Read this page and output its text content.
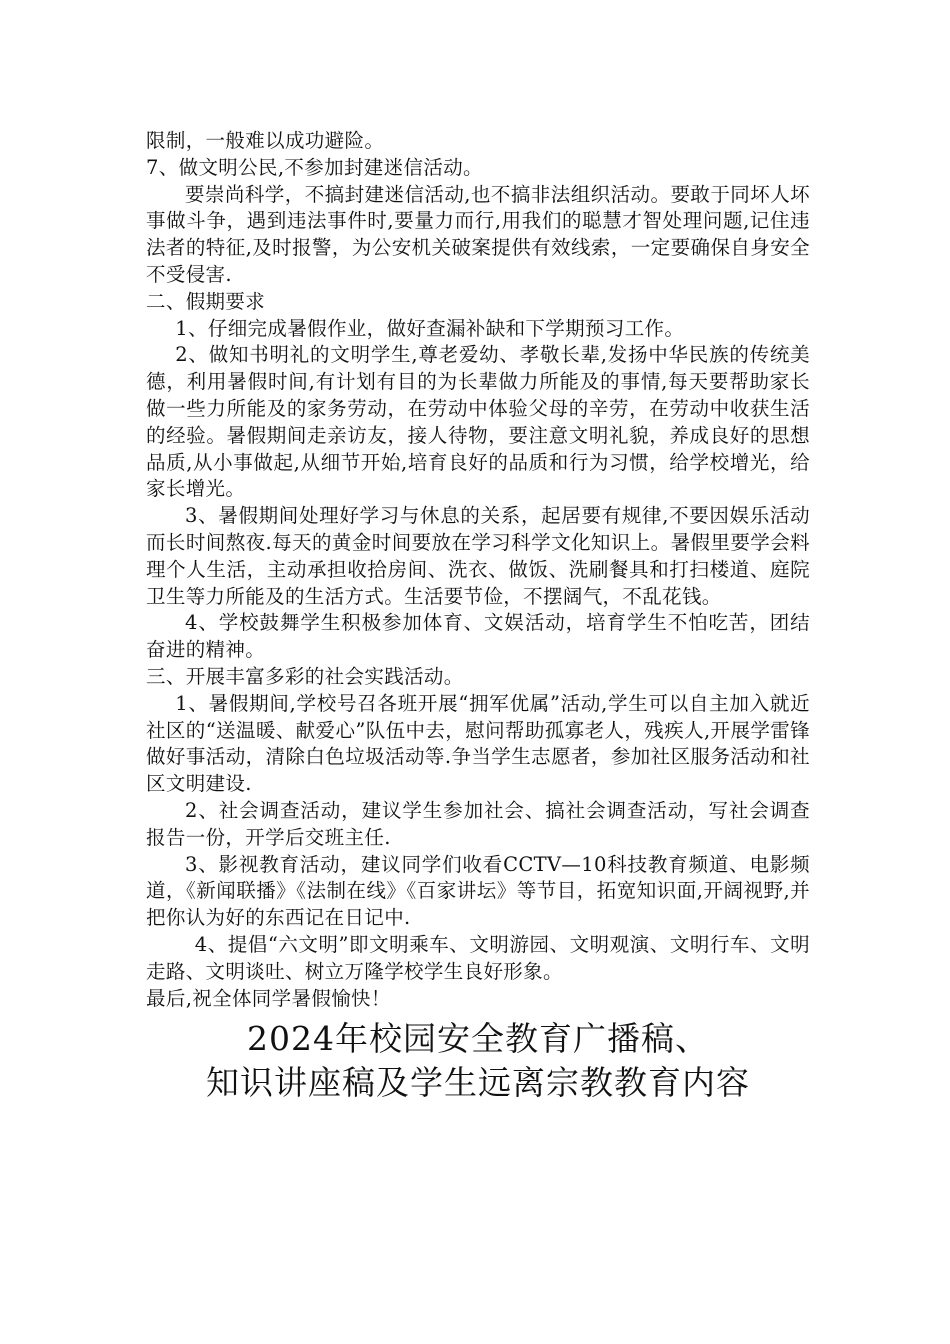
限制，一般难以成功避险。

7、做文明公民,不参加封建迷信活动。

要崇尚科学，不搞封建迷信活动,也不搞非法组织活动。要敢于同坏人坏事做斗争，遇到违法事件时,要量力而行,用我们的聪慧才智处理问题,记住违法者的特征,及时报警，为公安机关破案提供有效线索，一定要确保自身安全不受侵害.

二、假期要求

1、仔细完成暑假作业，做好查漏补缺和下学期预习工作。

2、做知书明礼的文明学生,尊老爱幼、孝敬长辈,发扬中华民族的传统美德，利用暑假时间,有计划有目的为长辈做力所能及的事情,每天要帮助家长做一些力所能及的家务劳动，在劳动中体验父母的辛劳，在劳动中收获生活的经验。暑假期间走亲访友，接人待物，要注意文明礼貌，养成良好的思想品质,从小事做起,从细节开始,培育良好的品质和行为习惯，给学校增光，给家长增光。

3、暑假期间处理好学习与休息的关系，起居要有规律,不要因娱乐活动而长时间熬夜.每天的黄金时间要放在学习科学文化知识上。暑假里要学会料理个人生活，主动承担收拾房间、洗衣、做饭、洗刷餐具和打扫楼道、庭院卫生等力所能及的生活方式。生活要节俭，不摆阔气，不乱花钱。

4、学校鼓舞学生积极参加体育、文娱活动，培育学生不怕吃苦，团结奋进的精神。

三、开展丰富多彩的社会实践活动。

1、暑假期间,学校号召各班开展“拥军优属”活动,学生可以自主加入就近社区的“送温暖、献爱心”队伍中去，慰问帮助孤寡老人，残疾人,开展学雷锋做好事活动，清除白色垃圾活动等.争当学生志愿者，参加社区服务活动和社区文明建设.

2、社会调查活动，建议学生参加社会、搞社会调查活动，写社会调查报告一份，开学后交班主任.

3、影视教育活动，建议同学们收看CCTV—10科技教育频道、电影频道，《新闻联播》《法制在线》《百家讲坛》等节目，拓宽知识面,开阔视野,并把你认为好的东西记在日记中.

4、提倡“六文明”即文明乘车、文明游园、文明观演、文明行车、文明走路、文明谈吐、树立万隆学校学生良好形象。

最后,祝全体同学暑假愉快！

2024年校园安全教育广播稿、
知识讲座稿及学生远离宗教教育内容
